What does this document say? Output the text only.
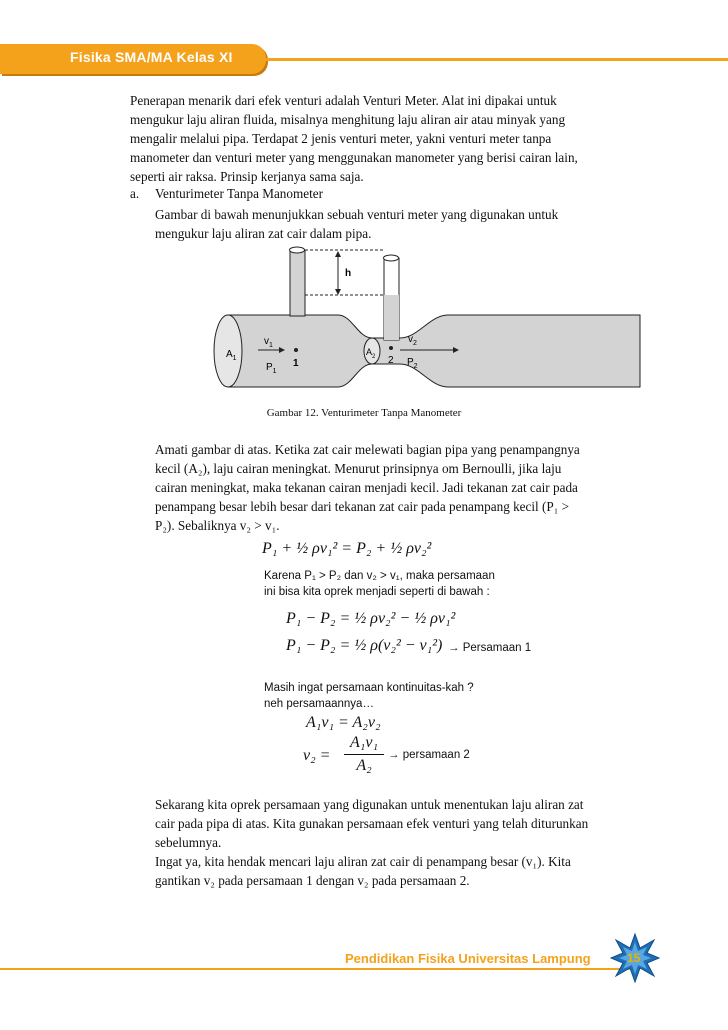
Fisika SMA/MA Kelas XI
Penerapan menarik dari efek venturi adalah Venturi Meter. Alat ini dipakai untuk
mengukur laju aliran fluida, misalnya menghitung laju aliran air atau minyak yang
mengalir melalui pipa. Terdapat 2 jenis venturi meter, yakni venturi meter tanpa
manometer dan venturi meter yang menggunakan manometer yang berisi cairan lain,
seperti air raksa. Prinsip kerjanya sama saja.
a. Venturimeter Tanpa Manometer
Gambar di bawah menunjukkan sebuah venturi meter yang digunakan untuk
mengukur laju aliran zat cair dalam pipa.
h
$A_1$
$A_2$
$v_1$
$v_2$
$P_1$
$P_2$
1	2
Gambar 12. Venturimeter Tanpa Manometer
Amati gambar di atas. Ketika zat cair melewati bagian pipa yang penampangnya
kecil (A₂), laju cairan meningkat. Menurut prinsipnya om Bernoulli, jika laju
cairan meningkat, maka tekanan cairan menjadi kecil. Jadi tekanan zat cair pada
penampang besar lebih besar dari tekanan zat cair pada penampang kecil (P₁ >
P₂). Sebaliknya v₂ > v₁.
P₁ + ½ ρv₁² = P₂ + ½ ρv₂²
Karena P₁ > P₂ dan v₂ > v₁, maka persamaan
ini bisa kita oprek menjadi seperti di bawah :
P₁ − P₂ = ½ ρv₂² − ½ ρv₁²
P₁ − P₂ = ½ ρ(v₂² − v₁²) → Persamaan 1
Masih ingat persamaan kontinuitas-kah ?
neh persamaannya…
A₁v₁ = A₂v₂
v₂ =
A₁v₁
A₂
→ persamaan 2
Sekarang kita oprek persamaan yang digunakan untuk menentukan laju aliran zat
cair pada pipa di atas. Kita gunakan persamaan efek venturi yang telah diturunkan
sebelumnya.
Ingat ya, kita hendak mencari laju aliran zat cair di penampang besar (v₁). Kita
gantikan v₂ pada persamaan 1 dengan v₂ pada persamaan 2.
Pendidikan Fisika Universitas Lampung	15
